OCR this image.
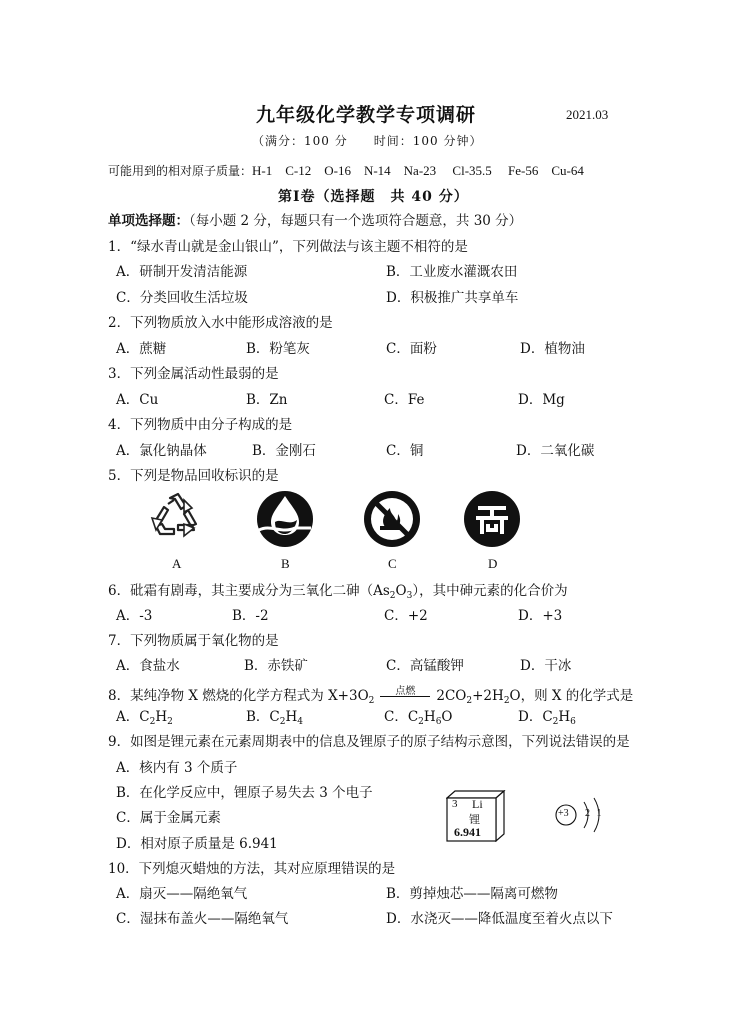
九年级化学教学专项调研	2021.03
（满分：100 分　　时间：100 分钟）
可能用到的相对原子质量：H-1　C-12　O-16　N-14　Na-23　 Cl-35.5　 Fe-56　Cu-64
第Ⅰ卷（选择题　共 40 分）
单项选择题：（每小题 2 分，每题只有一个选项符合题意，共 30 分）
1．“绿水青山就是金山银山”，下列做法与该主题不相符的是
A．研制开发清洁能源	B．工业废水灌溉农田
C．分类回收生活垃圾	D．积极推广共享单车
2．下列物质放入水中能形成溶液的是
A．蔗糖	B．粉笔灰	C．面粉	D．植物油
3．下列金属活动性最弱的是
A．Cu	B．Zn	C．Fe	D．Mg
4．下列物质中由分子构成的是
A．氯化钠晶体	B．金刚石	C．铜	D．二氧化碳
5．下列是物品回收标识的是
A	B	C	D
6．砒霜有剧毒，其主要成分为三氧化二砷$(As_2O_3)$，其中砷元素的化合价为
A．-3	B．-2	C．+2	D．+3
7．下列物质属于氧化物的是
A．食盐水	B．赤铁矿	C．高锰酸钾	D．干冰
8．某纯净物 X 燃烧的化学方程式为 $X+3O_2$点燃 $2CO_2+2H_2O$，则 X 的化学式是
A．$C_2H_2$	B．$C_2H_4$	C．$C_2H_6O$	D．$C_2H_6$
9．如图是锂元素在元素周期表中的信息及锂原子的原子结构示意图，下列说法错误的是
A．核内有 3 个质子
B．在化学反应中，锂原子易失去 3 个电子
C．属于金属元素
D．相对原子质量是 6.941
3 Li
锂
6.941
+3 2 1
10．下列熄灭蜡烛的方法，其对应原理错误的是
A．扇灭——隔绝氧气	B．剪掉烛芯——隔离可燃物
C．湿抹布盖火——隔绝氧气	D．水浇灭——降低温度至着火点以下
